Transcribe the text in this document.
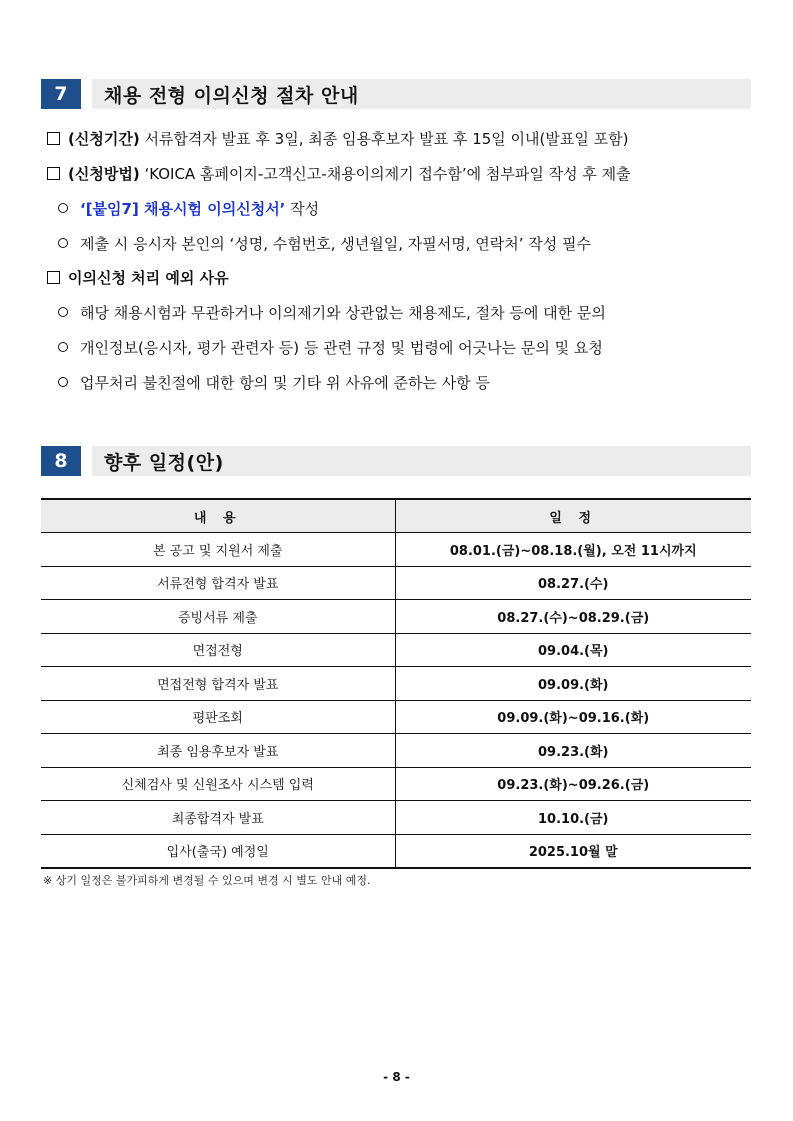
7	채용 전형 이의신청 절차 안내
(신청기간) 서류합격자 발표 후 3일, 최종 임용후보자 발표 후 15일 이내(발표일 포함)
(신청방법) ‘KOICA 홈페이지-고객신고-채용이의제기 접수함’에 첨부파일 작성 후 제출
‘[붙임7] 채용시험 이의신청서’ 작성
제출 시 응시자 본인의 ‘성명, 수험번호, 생년월일, 자필서명, 연락처’ 작성 필수
이의신청 처리 예외 사유
해당 채용시험과 무관하거나 이의제기와 상관없는 채용제도, 절차 등에 대한 문의
개인정보(응시자, 평가 관련자 등) 등 관련 규정 및 법령에 어긋나는 문의 및 요청
업무처리 불친절에 대한 항의 및 기타 위 사유에 준하는 사항 등
8	향후 일정(안)
내 용	일 정
본 공고 및 지원서 제출	08.01.(금)~08.18.(월), 오전 11시까지
서류전형 합격자 발표	08.27.(수)
증빙서류 제출	08.27.(수)~08.29.(금)
면접전형	09.04.(목)
면접전형 합격자 발표	09.09.(화)
평판조회	09.09.(화)~09.16.(화)
최종 임용후보자 발표	09.23.(화)
신체검사 및 신원조사 시스템 입력	09.23.(화)~09.26.(금)
최종합격자 발표	10.10.(금)
입사(출국) 예정일	2025.10월 말
※ 상기 일정은 불가피하게 변경될 수 있으며 변경 시 별도 안내 예정.
- 8 -
